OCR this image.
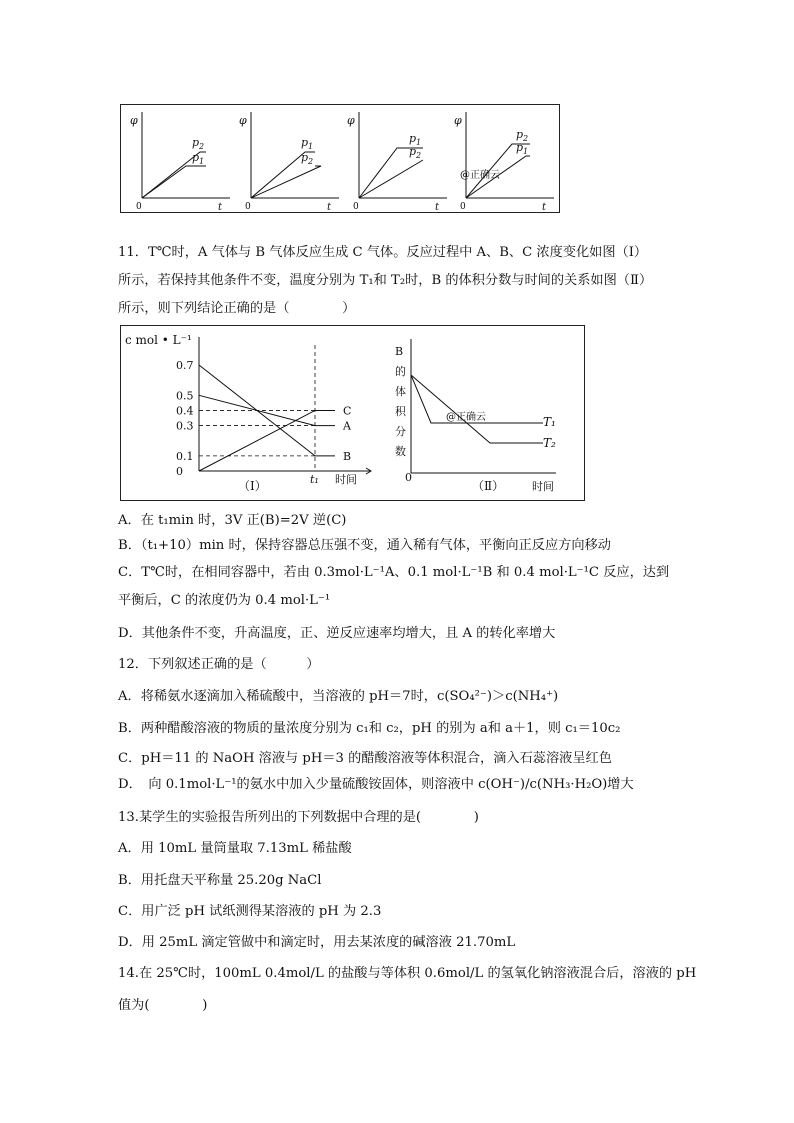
φ
t
0
$p_2$
$p_1$
φ
t
0
$p_1$
$p_2$
φ
t
0
$p_1$
$p_2$
φ
t
0
$p_2$
$p_1$
@正确云
11．T℃时，A 气体与 B 气体反应生成 C 气体。反应过程中 A、B、C 浓度变化如图（Ⅰ）
所示，若保持其他条件不变，温度分别为 T₁和 T₂时，B 的体积分数与时间的关系如图（Ⅱ）
所示，则下列结论正确的是（　　　　）
c mol • L⁻¹
0.7
0.5
0.4
0.3
0.1
0
C
A
B
t₁ 时间
（Ⅰ）
B
的
体
积
分
数
0
T₁
T₂
@正确云
（Ⅱ）	时间
A．在 t₁min 时，3V 正(B)=2V 逆(C)
B．（t₁+10）min 时，保持容器总压强不变，通入稀有气体，平衡向正反应方向移动
C．T℃时，在相同容器中，若由 0.3mol·L⁻¹A、0.1 mol·L⁻¹B 和 0.4 mol·L⁻¹C 反应，达到
平衡后，C 的浓度仍为 0.4 mol·L⁻¹
D．其他条件不变，升高温度，正、逆反应速率均增大，且 A 的转化率增大
12．下列叙述正确的是（　　　）
A．将稀氨水逐滴加入稀硫酸中，当溶液的 pH＝7时，c(SO₄²⁻)＞c(NH₄⁺)
B．两种醋酸溶液的物质的量浓度分别为 c₁和 c₂，pH 的别为 a和 a＋1，则 c₁＝10c₂
C．pH＝11 的 NaOH 溶液与 pH＝3 的醋酸溶液等体积混合，滴入石蕊溶液呈红色
D．　向 0.1mol·L⁻¹的氨水中加入少量硫酸铵固体，则溶液中 c(OH⁻)/c(NH₃·H₂O)增大
13.某学生的实验报告所列出的下列数据中合理的是(　　　　)
A．用 10mL 量筒量取 7.13mL 稀盐酸
B．用托盘天平称量 25.20g NaCl
C．用广泛 pH 试纸测得某溶液的 pH 为 2.3
D．用 25mL 滴定管做中和滴定时，用去某浓度的碱溶液 21.70mL
14.在 25℃时，100mL 0.4mol/L 的盐酸与等体积 0.6mol/L 的氢氧化钠溶液混合后，溶液的 pH
值为(　　　　)
